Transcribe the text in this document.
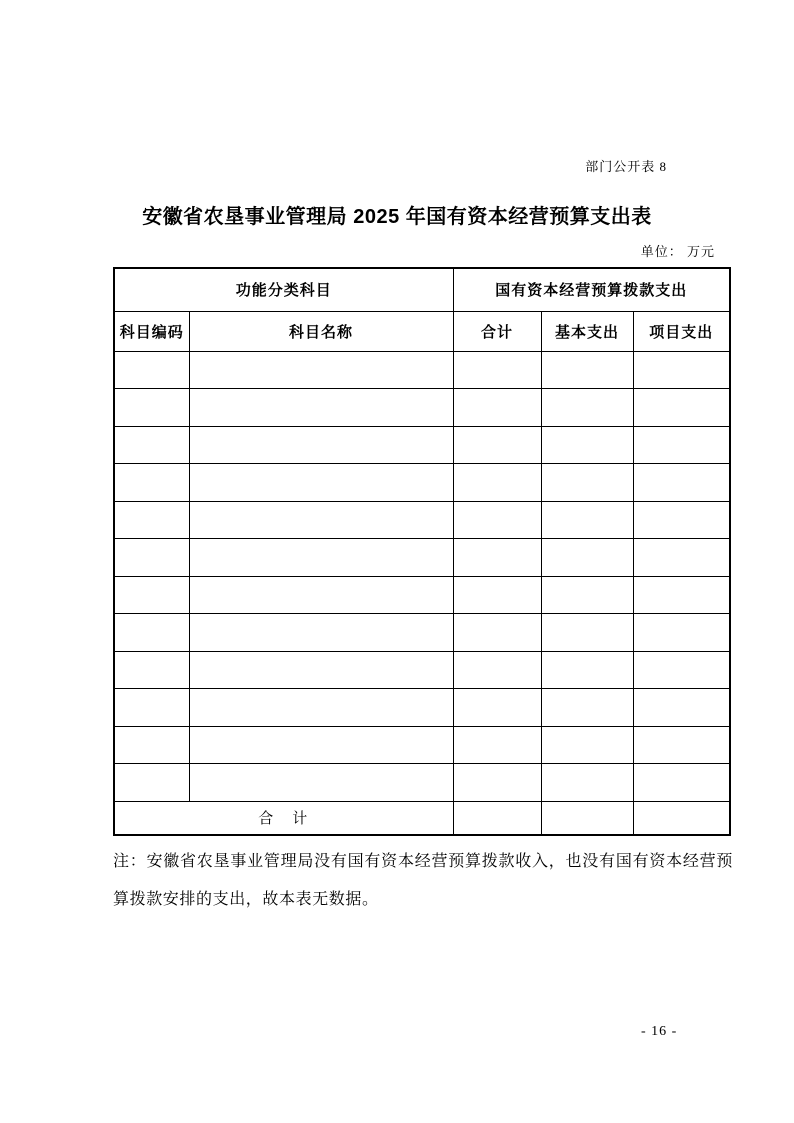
部门公开表 8
安徽省农垦事业管理局 2025 年国有资本经营预算支出表
单位： 万元
功能分类科目		国有资本经营预算拨款支出		
科目编码	科目名称	合计	基本支出	项目支出

合　计				

注：安徽省农垦事业管理局没有国有资本经营预算拨款收入，也没有国有资本经营预算拨款安排的支出，故本表无数据。

- 16 -
